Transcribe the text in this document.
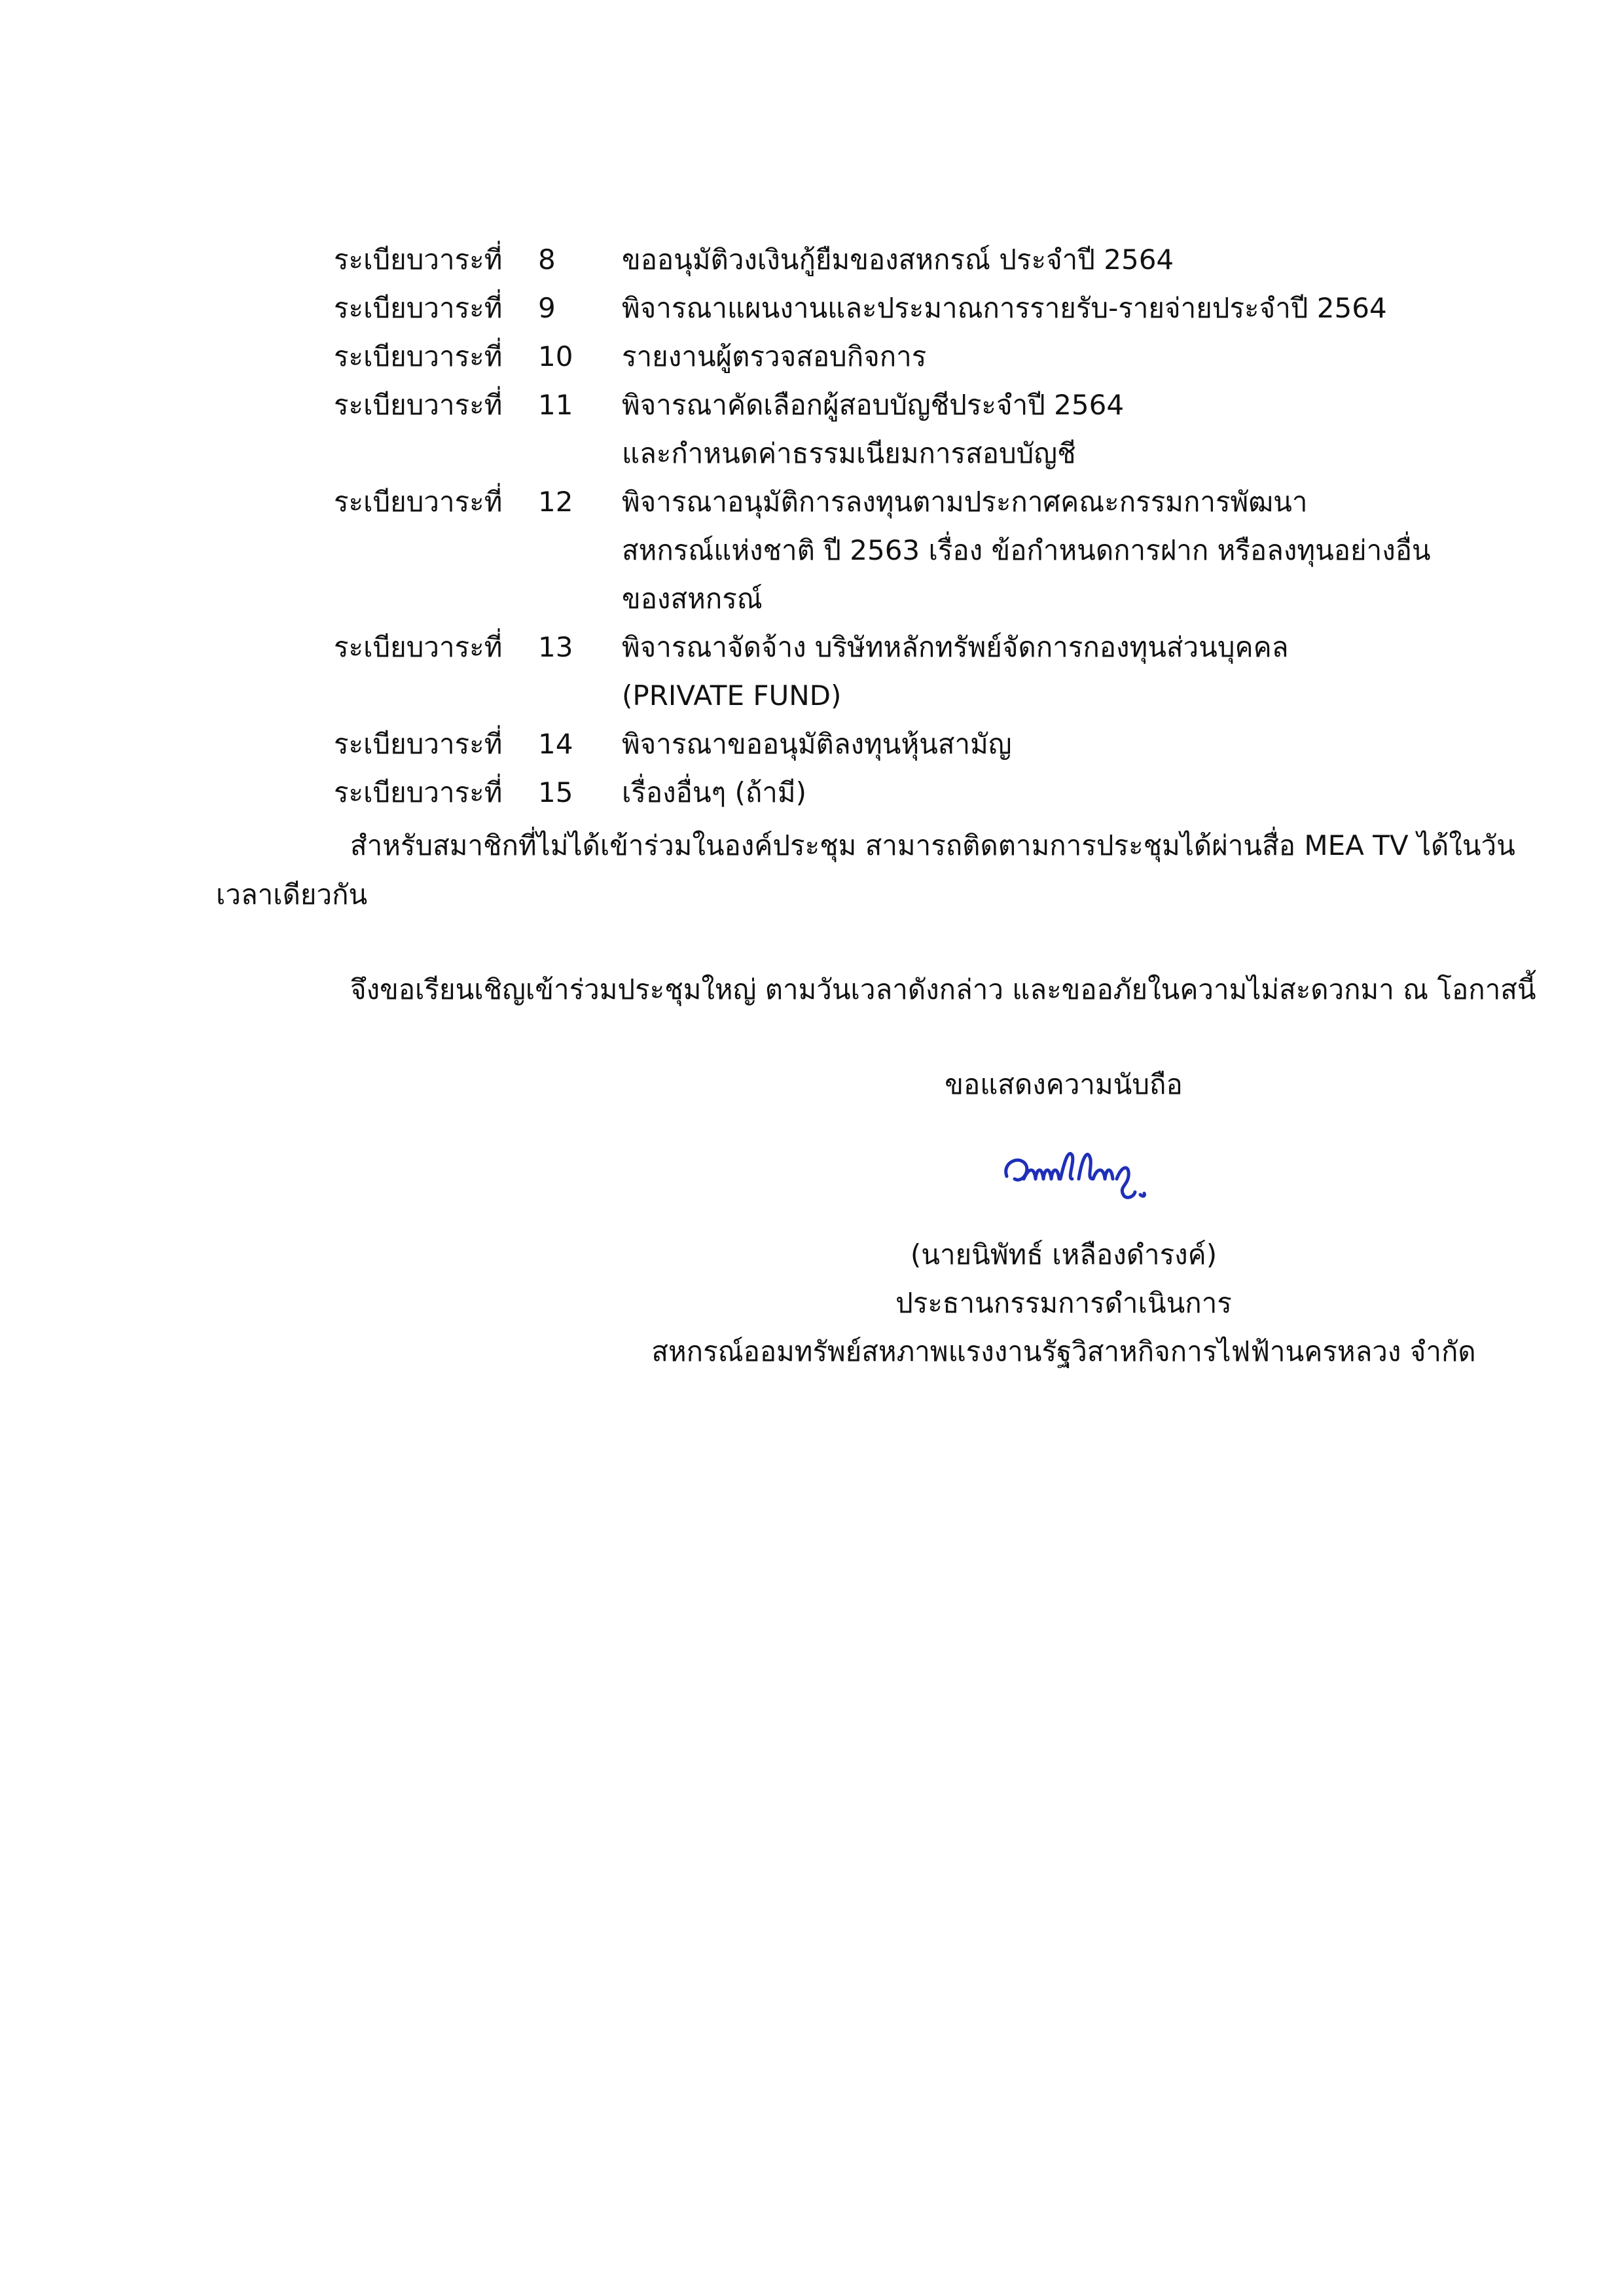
ระเบียบวาระที่	8	ขออนุมัติวงเงินกู้ยืมของสหกรณ์ ประจำปี 2564
ระเบียบวาระที่	9	พิจารณาแผนงานและประมาณการรายรับ-รายจ่ายประจำปี 2564
ระเบียบวาระที่	10	รายงานผู้ตรวจสอบกิจการ
ระเบียบวาระที่	11	พิจารณาคัดเลือกผู้สอบบัญชีประจำปี 2564
และกำหนดค่าธรรมเนียมการสอบบัญชี
ระเบียบวาระที่	12	พิจารณาอนุมัติการลงทุนตามประกาศคณะกรรมการพัฒนา
สหกรณ์แห่งชาติ ปี 2563 เรื่อง ข้อกำหนดการฝาก หรือลงทุนอย่างอื่น
ของสหกรณ์
ระเบียบวาระที่	13	พิจารณาจัดจ้าง บริษัทหลักทรัพย์จัดการกองทุนส่วนบุคคล
(PRIVATE FUND)
ระเบียบวาระที่	14	พิจารณาขออนุมัติลงทุนหุ้นสามัญ
ระเบียบวาระที่	15	เรื่องอื่นๆ (ถ้ามี)
สำหรับสมาชิกที่ไม่ได้เข้าร่วมในองค์ประชุม สามารถติดตามการประชุมได้ผ่านสื่อ MEA TV ได้ในวัน
เวลาเดียวกัน
จึงขอเรียนเชิญเข้าร่วมประชุมใหญ่ ตามวันเวลาดังกล่าว และขออภัยในความไม่สะดวกมา ณ โอกาสนี้
ขอแสดงความนับถือ
(นายนิพัทธ์ เหลืองดำรงค์)
ประธานกรรมการดำเนินการ
สหกรณ์ออมทรัพย์สหภาพแรงงานรัฐวิสาหกิจการไฟฟ้านครหลวง จำกัด
